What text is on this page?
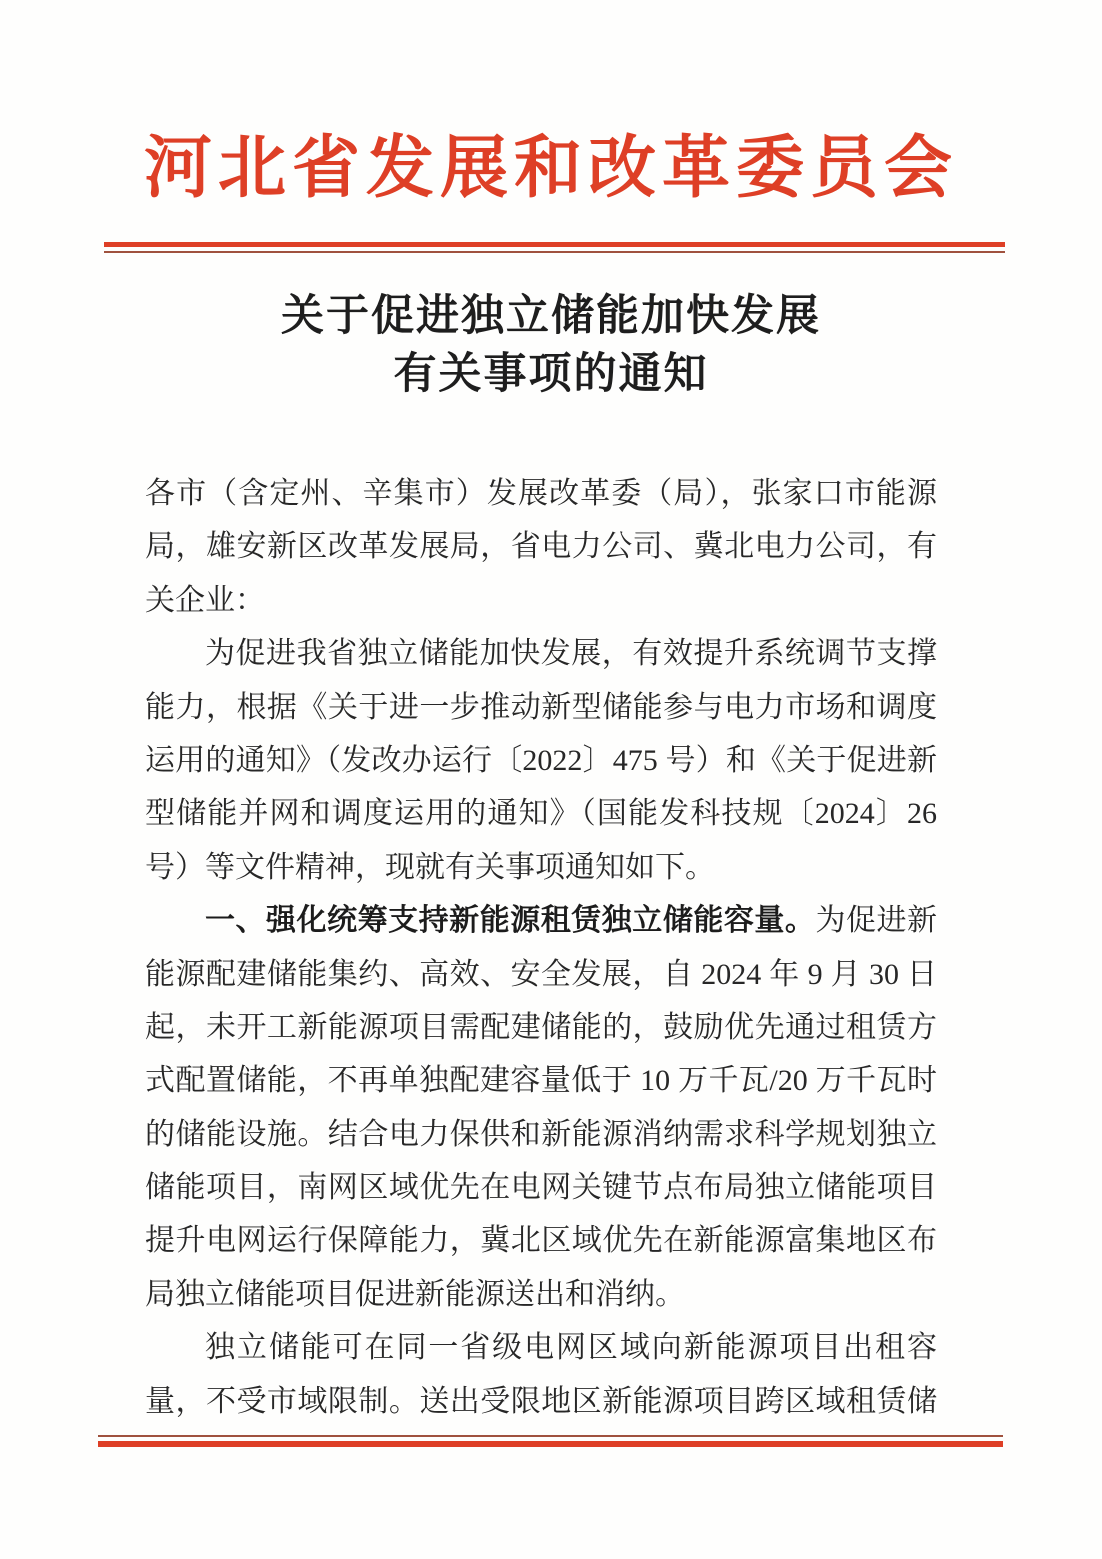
河北省发展和改革委员会
关于促进独立储能加快发展
有关事项的通知
各市（含定州、辛集市）发展改革委（局），张家口市能源
局，雄安新区改革发展局，省电力公司、冀北电力公司，有
关企业：
为促进我省独立储能加快发展，有效提升系统调节支撑
能力，根据《关于进一步推动新型储能参与电力市场和调度
运用的通知》（发改办运行〔2022〕475 号）和《关于促进新
型储能并网和调度运用的通知》（国能发科技规〔2024〕26
号）等文件精神，现就有关事项通知如下。
一、强化统筹支持新能源租赁独立储能容量。为促进新
能源配建储能集约、高效、安全发展，自 2024 年 9 月 30 日
起，未开工新能源项目需配建储能的，鼓励优先通过租赁方
式配置储能，不再单独配建容量低于 10 万千瓦/20 万千瓦时
的储能设施。结合电力保供和新能源消纳需求科学规划独立
储能项目，南网区域优先在电网关键节点布局独立储能项目
提升电网运行保障能力，冀北区域优先在新能源富集地区布
局独立储能项目促进新能源送出和消纳。
独立储能可在同一省级电网区域向新能源项目出租容
量，不受市域限制。送出受限地区新能源项目跨区域租赁储
